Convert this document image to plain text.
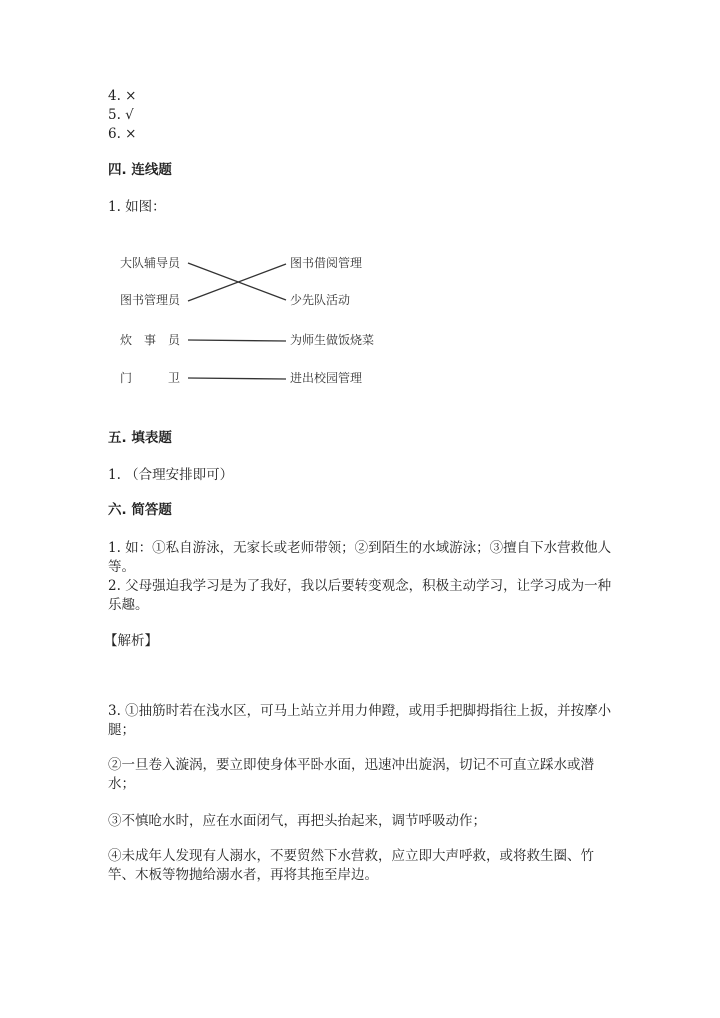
4. ×
5. √
6. ×
四. 连线题
1. 如图：
大队辅导员
图书管理员
炊　事　员
门　　　卫
图书借阅管理
少先队活动
为师生做饭烧菜
进出校园管理
五. 填表题
1. （合理安排即可）
六. 简答题
1. 如：①私自游泳，无家长或老师带领；②到陌生的水域游泳；③擅自下水营救他人等。
2. 父母强迫我学习是为了我好，我以后要转变观念，积极主动学习，让学习成为一种乐趣。
【解析】
3. ①抽筋时若在浅水区，可马上站立并用力伸蹬，或用手把脚拇指往上扳，并按摩小腿；
②一旦卷入漩涡，要立即使身体平卧水面，迅速冲出旋涡，切记不可直立踩水或潜水；
③不慎呛水时，应在水面闭气，再把头抬起来，调节呼吸动作；
④未成年人发现有人溺水，不要贸然下水营救，应立即大声呼救，或将救生圈、竹竿、木板等物抛给溺水者，再将其拖至岸边。
